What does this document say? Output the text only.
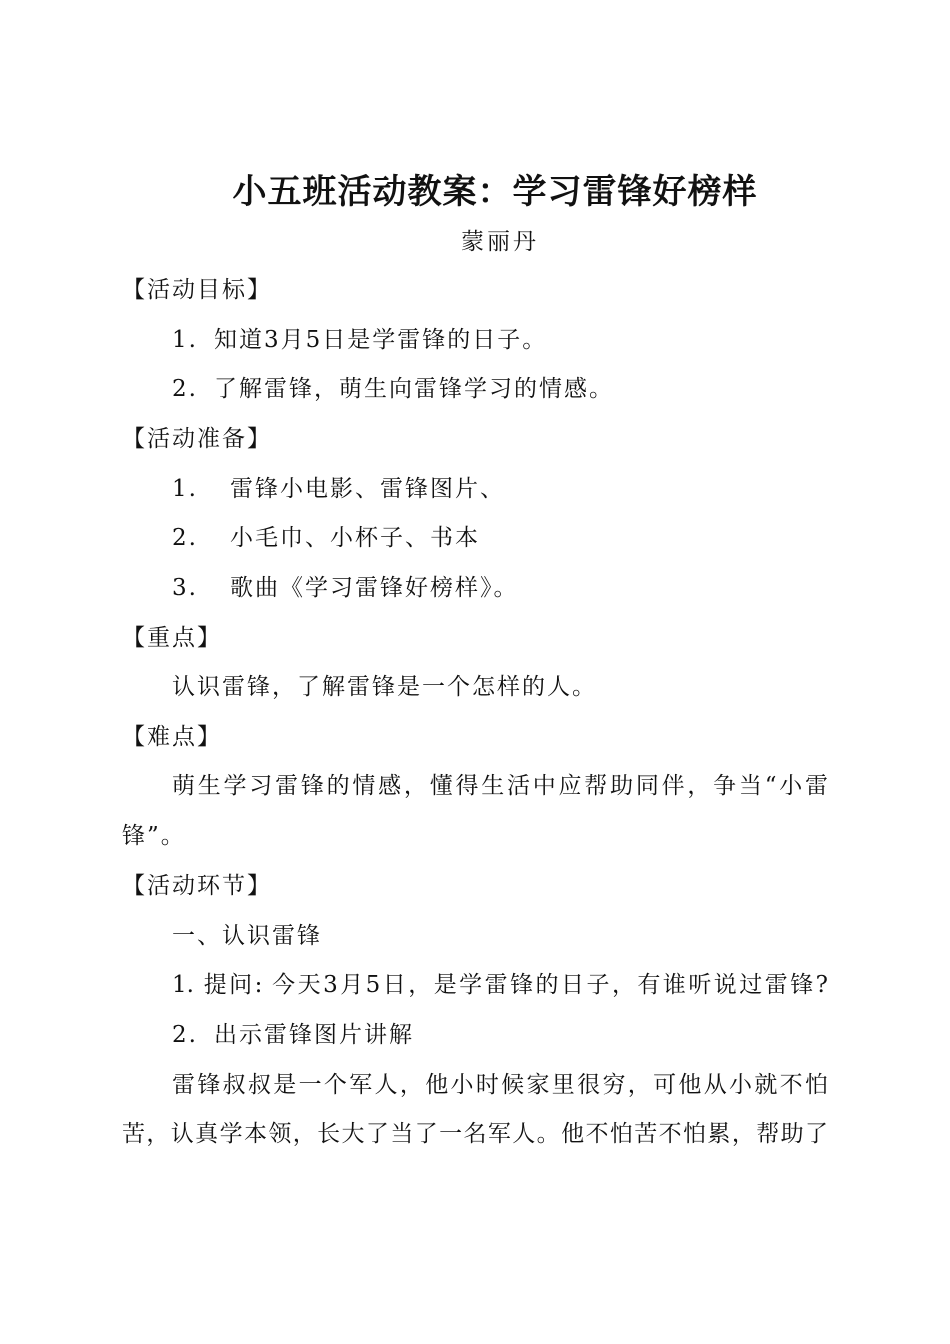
小五班活动教案：学习雷锋好榜样
蒙丽丹
【活动目标】
1. 知道3月5日是学雷锋的日子。
2. 了解雷锋，萌生向雷锋学习的情感。
【活动准备】
1. 雷锋小电影、雷锋图片、
2. 小毛巾、小杯子、书本
3. 歌曲《学习雷锋好榜样》。
【重点】
认识雷锋，了解雷锋是一个怎样的人。
【难点】
萌生学习雷锋的情感，懂得生活中应帮助同伴，争当“小雷
锋”。
【活动环节】
一、认识雷锋
1. 提问: 今天3月5日，是学雷锋的日子，有谁听说过雷锋?
2. 出示雷锋图片讲解
雷锋叔叔是一个军人，他小时候家里很穷，可他从小就不怕
苦，认真学本领，长大了当了一名军人。他不怕苦不怕累，帮助了
